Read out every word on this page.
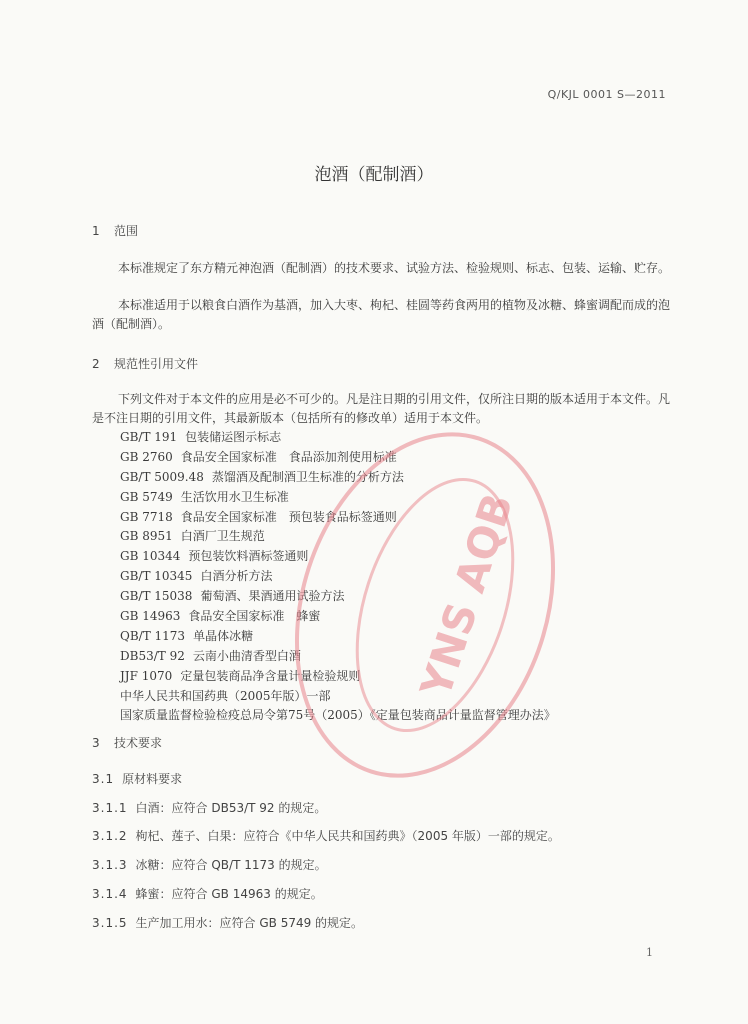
Q/KJL 0001 S—2011
泡酒（配制酒）
1 范围
本标准规定了东方精元神泡酒（配制酒）的技术要求、试验方法、检验规则、标志、包装、运输、贮存。
本标准适用于以粮食白酒作为基酒，加入大枣、枸杞、桂圆等药食两用的植物及冰糖、蜂蜜调配而成的泡酒（配制酒）。
2 规范性引用文件
下列文件对于本文件的应用是必不可少的。凡是注日期的引用文件，仅所注日期的版本适用于本文件。凡是不注日期的引用文件，其最新版本（包括所有的修改单）适用于本文件。
GB/T 191 包装储运图示标志
GB 2760 食品安全国家标准　食品添加剂使用标准
GB/T 5009.48 蒸馏酒及配制酒卫生标准的分析方法
GB 5749 生活饮用水卫生标准
GB 7718 食品安全国家标准　预包装食品标签通则
GB 8951 白酒厂卫生规范
GB 10344 预包装饮料酒标签通则
GB/T 10345 白酒分析方法
GB/T 15038 葡萄酒、果酒通用试验方法
GB 14963 食品安全国家标准　蜂蜜
QB/T 1173 单晶体冰糖
DB53/T 92 云南小曲清香型白酒
JJF 1070 定量包装商品净含量计量检验规则
中华人民共和国药典（2005年版）一部
国家质量监督检验检疫总局令第75号（2005）《定量包装商品计量监督管理办法》
3 技术要求
3.1 原材料要求
3.1.1 白酒：应符合 DB53/T 92 的规定。
3.1.2 枸杞、莲子、白果：应符合《中华人民共和国药典》（2005 年版）一部的规定。
3.1.3 冰糖：应符合 QB/T 1173 的规定。
3.1.4 蜂蜜：应符合 GB 14963 的规定。
3.1.5 生产加工用水：应符合 GB 5749 的规定。
YNS AQB
1
